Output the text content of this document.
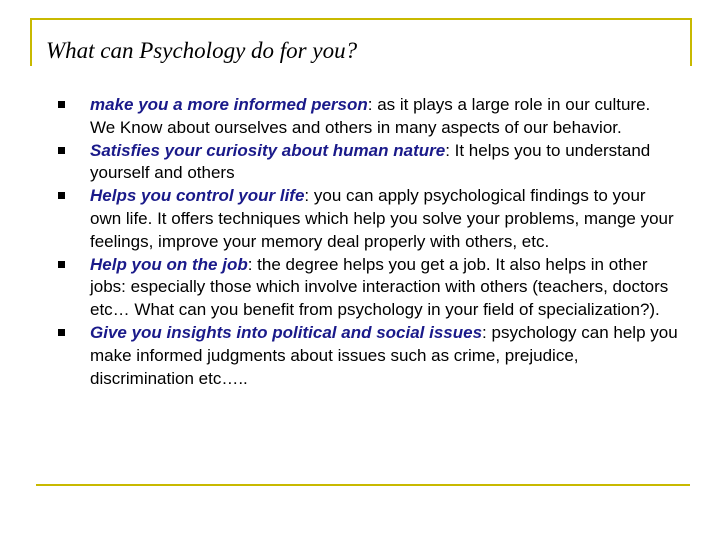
What can Psychology do for you?
make you a more informed person: as it plays a large role in our culture. We Know about ourselves and others in many aspects of our behavior.
Satisfies your curiosity about human nature: It helps you to understand yourself and others
Helps you control your life: you can apply psychological findings to your own life. It offers techniques which help you solve your problems, mange your feelings, improve your memory deal properly with others, etc.
Help you on the job: the degree helps you get a job. It also helps in other jobs: especially those which involve interaction with others (teachers, doctors etc… What can you benefit from psychology in your field of specialization?).
Give you insights into political and social issues: psychology can help you make informed judgments about issues such as crime, prejudice, discrimination etc…..
